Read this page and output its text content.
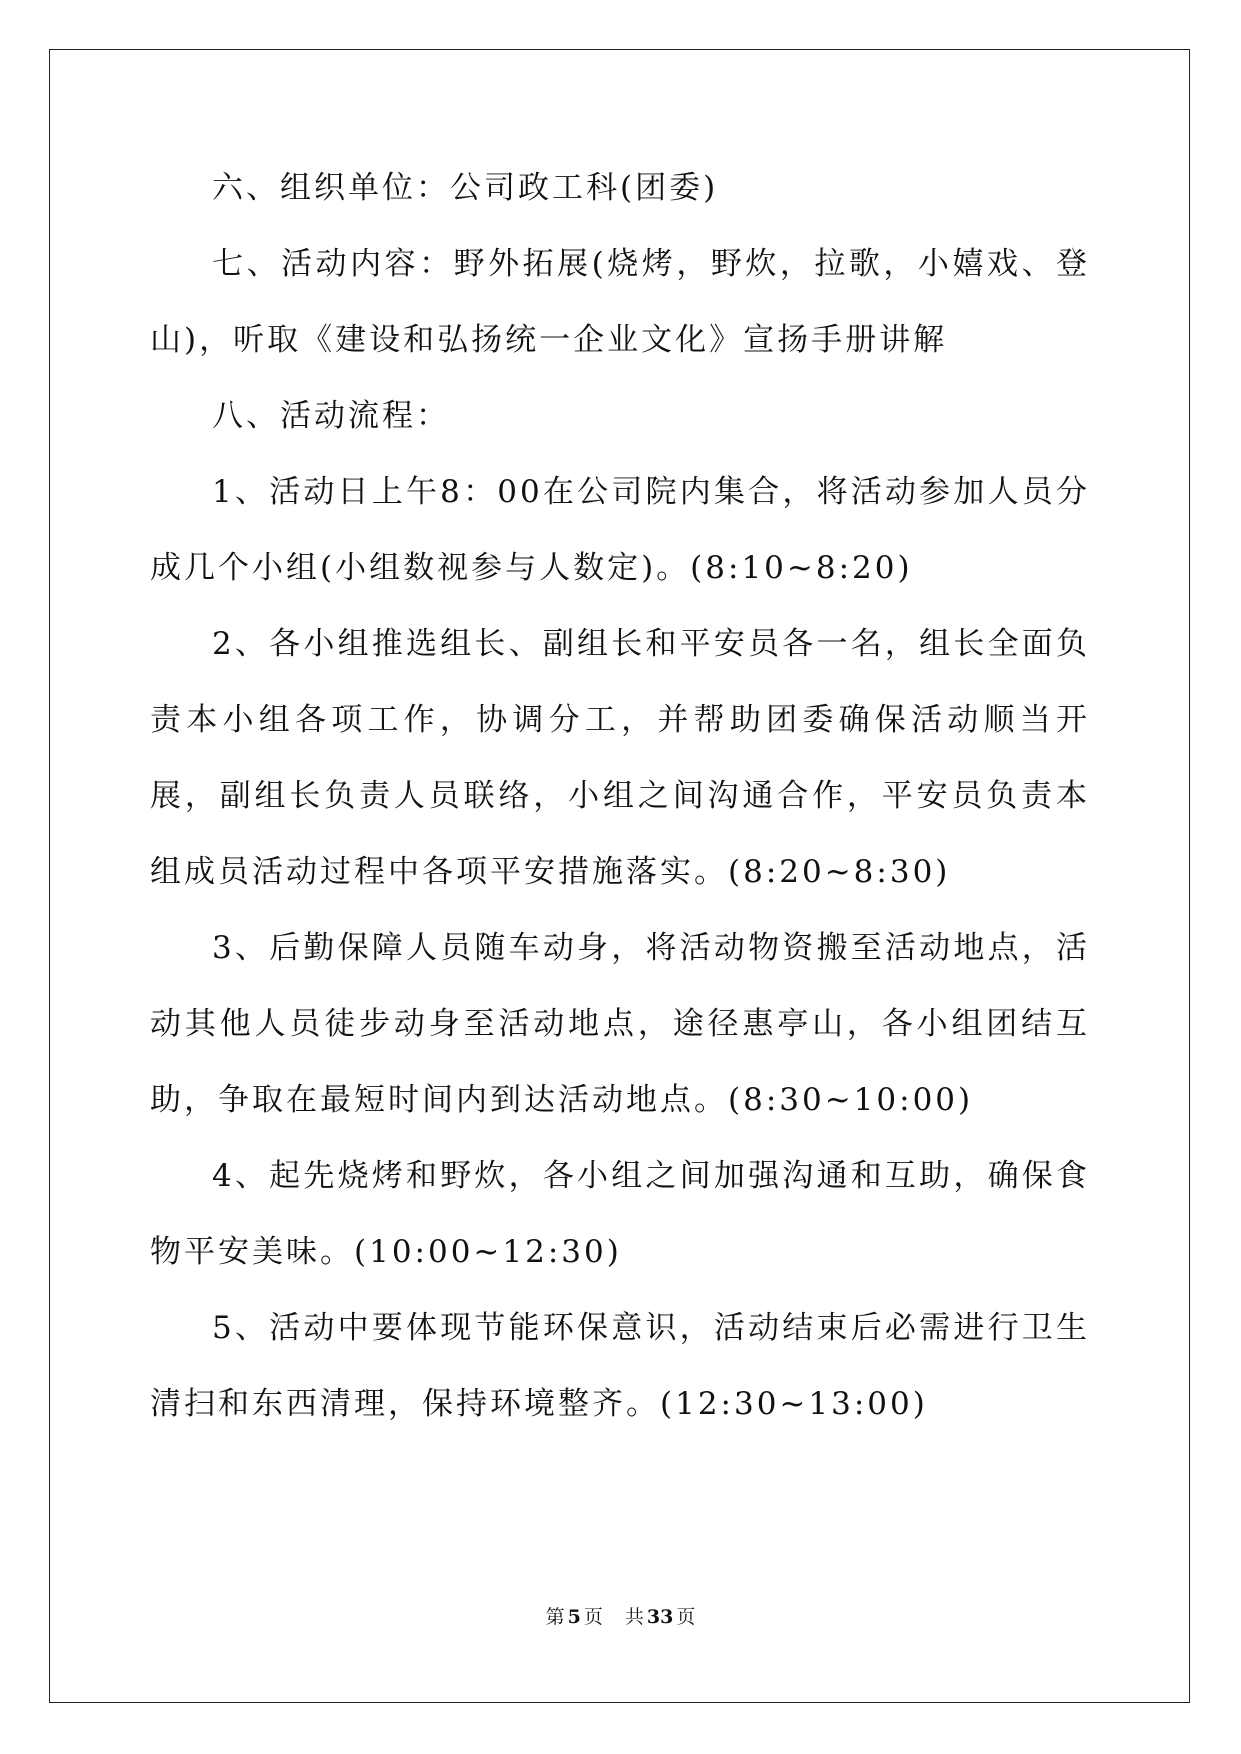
六、组织单位：公司政工科(团委)

七、活动内容：野外拓展(烧烤，野炊，拉歌，小嬉戏、登山)，听取《建设和弘扬统一企业文化》宣扬手册讲解

八、活动流程：

1、活动日上午8：00在公司院内集合，将活动参加人员分成几个小组(小组数视参与人数定)。(8:10~8:20)

2、各小组推选组长、副组长和平安员各一名，组长全面负责本小组各项工作，协调分工，并帮助团委确保活动顺当开展，副组长负责人员联络，小组之间沟通合作，平安员负责本组成员活动过程中各项平安措施落实。(8:20~8:30)

3、后勤保障人员随车动身，将活动物资搬至活动地点，活动其他人员徒步动身至活动地点，途径惠亭山，各小组团结互助，争取在最短时间内到达活动地点。(8:30~10:00)

4、起先烧烤和野炊，各小组之间加强沟通和互助，确保食物平安美味。(10:00~12:30)

5、活动中要体现节能环保意识，活动结束后必需进行卫生清扫和东西清理，保持环境整齐。(12:30~13:00)

第 5 页 共 33 页
